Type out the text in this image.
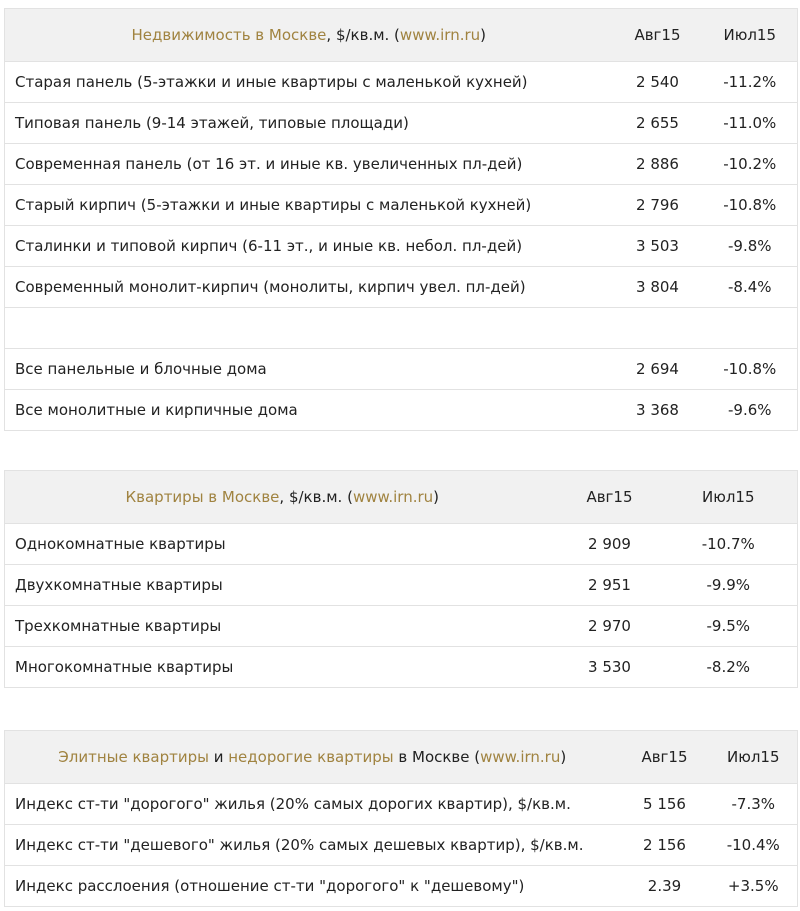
Недвижимость в Москве, $/кв.м. (www.irn.ru)	Авг15	Июл15
Старая панель (5-этажки и иные квартиры с маленькой кухней)	2 540	-11.2%
Типовая панель (9-14 этажей, типовые площади)	2 655	-11.0%
Современная панель (от 16 эт. и иные кв. увеличенных пл-дей)	2 886	-10.2%
Старый кирпич (5-этажки и иные квартиры с маленькой кухней)	2 796	-10.8%
Сталинки и типовой кирпич (6-11 эт., и иные кв. небол. пл-дей)	3 503	-9.8%
Современный монолит-кирпич (монолиты, кирпич увел. пл-дей)	3 804	-8.4%

Все панельные и блочные дома	2 694	-10.8%
Все монолитные и кирпичные дома	3 368	-9.6%
Квартиры в Москве, $/кв.м. (www.irn.ru)	Авг15	Июл15
Однокомнатные квартиры	2 909	-10.7%
Двухкомнатные квартиры	2 951	-9.9%
Трехкомнатные квартиры	2 970	-9.5%
Многокомнатные квартиры	3 530	-8.2%
Элитные квартиры и недорогие квартиры в Москве (www.irn.ru)	Авг15	Июл15
Индекс ст-ти "дорогого" жилья (20% самых дорогих квартир), $/кв.м.	5 156	-7.3%
Индекс ст-ти "дешевого" жилья (20% самых дешевых квартир), $/кв.м.	2 156	-10.4%
Индекс расслоения (отношение ст-ти "дорогого" к "дешевому")	2.39	+3.5%
